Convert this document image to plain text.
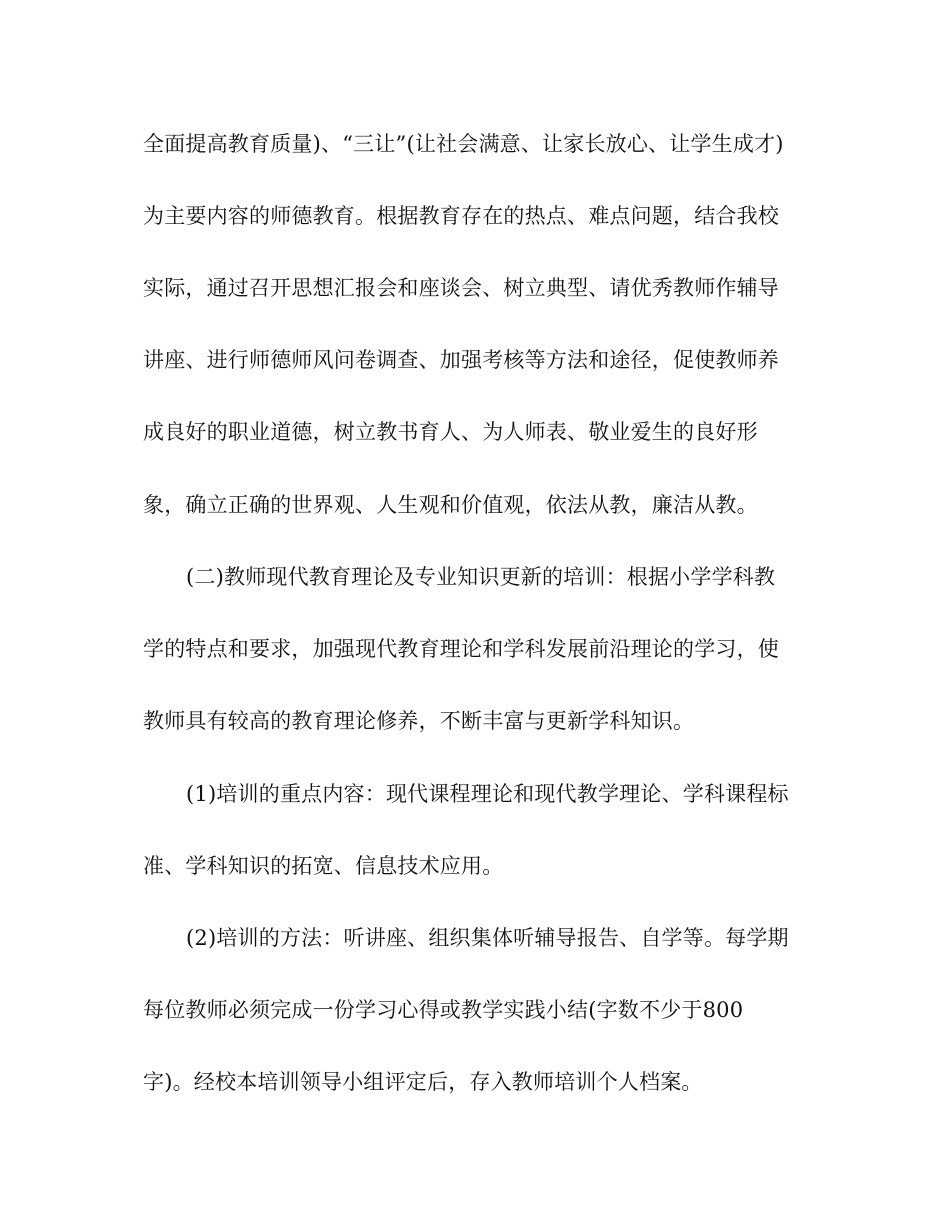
全面提高教育质量)、“三让”(让社会满意、让家长放心、让学生成才)
为主要内容的师德教育。根据教育存在的热点、难点问题，结合我校
实际，通过召开思想汇报会和座谈会、树立典型、请优秀教师作辅导
讲座、进行师德师风问卷调查、加强考核等方法和途径，促使教师养
成良好的职业道德，树立教书育人、为人师表、敬业爱生的良好形
象，确立正确的世界观、人生观和价值观，依法从教，廉洁从教。
(二)教师现代教育理论及专业知识更新的培训：根据小学学科教
学的特点和要求，加强现代教育理论和学科发展前沿理论的学习，使
教师具有较高的教育理论修养，不断丰富与更新学科知识。
(1)培训的重点内容：现代课程理论和现代教学理论、学科课程标
准、学科知识的拓宽、信息技术应用。
(2)培训的方法：听讲座、组织集体听辅导报告、自学等。每学期
每位教师必须完成一份学习心得或教学实践小结(字数不少于800
字)。经校本培训领导小组评定后，存入教师培训个人档案。
